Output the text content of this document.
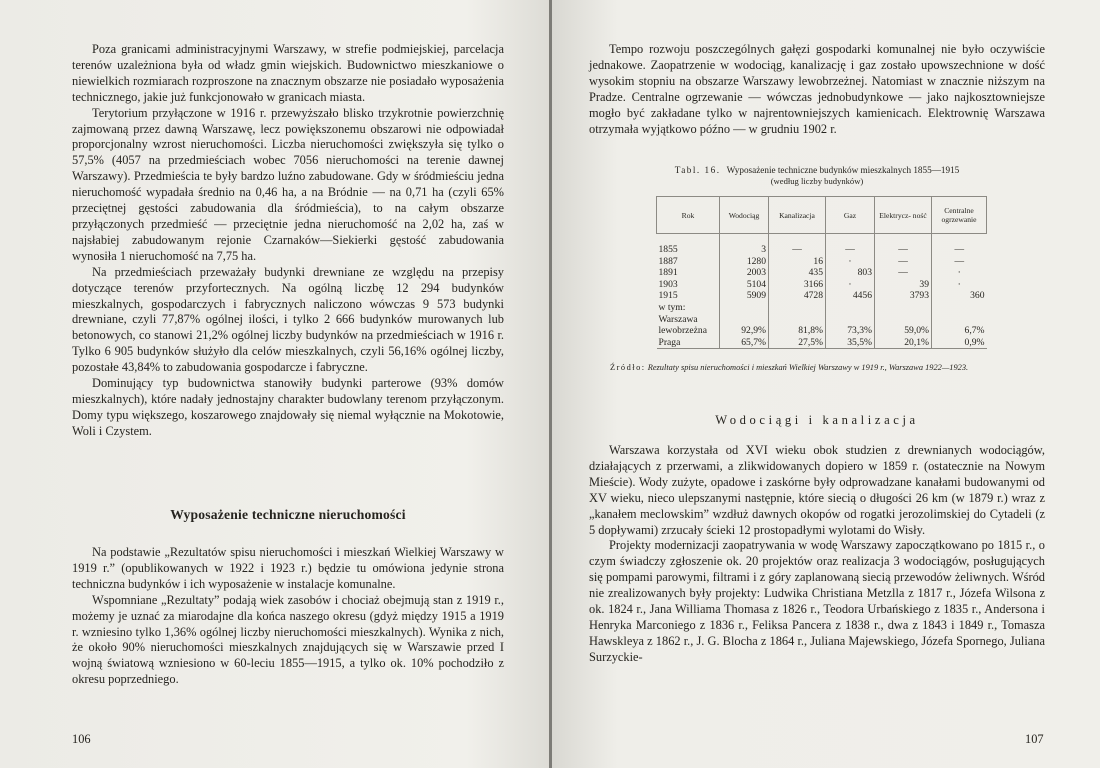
Poza granicami administracyjnymi Warszawy, w strefie podmiejskiej, parcelacja terenów uzależniona była od władz gmin wiejskich. Budownictwo mieszkaniowe o niewielkich rozmiarach rozproszone na znacznym obszarze nie posiadało wyposażenia technicznego, jakie już funkcjonowało w granicach miasta.

Terytorium przyłączone w 1916 r. przewyższało blisko trzykrotnie powierzchnię zajmowaną przez dawną Warszawę, lecz powiększonemu obszarowi nie odpowiadał proporcjonalny wzrost nieruchomości. Liczba nieruchomości zwiększyła się tylko o 57,5% (4057 na przedmieściach wobec 7056 nieruchomości na terenie dawnej Warszawy). Przedmieścia te były bardzo luźno zabudowane. Gdy w śródmieściu jedna nieruchomość wypadała średnio na 0,46 ha, a na Bródnie — na 0,71 ha (czyli 65% przeciętnej gęstości zabudowania dla śródmieścia), to na całym obszarze przyłączonych przedmieść — przeciętnie jedna nieruchomość na 2,02 ha, zaś w najsłabiej zabudowanym rejonie Czarnaków—Siekierki gęstość zabudowania wynosiła 1 nieruchomość na 7,75 ha.

Na przedmieściach przeważały budynki drewniane ze względu na przepisy dotyczące terenów przyfortecznych. Na ogólną liczbę 12 294 budynków mieszkalnych, gospodarczych i fabrycznych naliczono wówczas 9 573 budynki drewniane, czyli 77,87% ogólnej ilości, i tylko 2 666 budynków murowanych lub betonowych, co stanowi 21,2% ogólnej liczby budynków na przedmieściach w 1916 r. Tylko 6 905 budynków służyło dla celów mieszkalnych, czyli 56,16% ogólnej liczby, pozostałe 43,84% to zabudowania gospodarcze i fabryczne.

Dominujący typ budownictwa stanowiły budynki parterowe (93% domów mieszkalnych), które nadały jednostajny charakter budowlany terenom przyłączonym. Domy typu większego, koszarowego znajdowały się niemal wyłącznie na Mokotowie, Woli i Czystem.

Wyposażenie techniczne nieruchomości

Na podstawie „Rezultatów spisu nieruchomości i mieszkań Wielkiej Warszawy w 1919 r.” (opublikowanych w 1922 i 1923 r.) będzie tu omówiona jedynie strona techniczna budynków i ich wyposażenie w instalacje komunalne.

Wspomniane „Rezultaty” podają wiek zasobów i chociaż obejmują stan z 1919 r., możemy je uznać za miarodajne dla końca naszego okresu (gdyż między 1915 a 1919 r. wzniesino tylko 1,36% ogólnej liczby nieruchomości mieszkalnych). Wynika z nich, że około 90% nieruchomości mieszkalnych znajdujących się w Warszawie przed I wojną światową wzniesiono w 60-leciu 1855—1915, a tylko ok. 10% pochodziło z okresu poprzedniego.

106

Tempo rozwoju poszczególnych gałęzi gospodarki komunalnej nie było oczywiście jednakowe. Zaopatrzenie w wodociąg, kanalizację i gaz zostało upowszechnione w dość wysokim stopniu na obszarze Warszawy lewobrzeżnej. Natomiast w znacznie niższym na Pradze. Centralne ogrzewanie — wówczas jednobudynkowe — jako najkosztowniejsze mogło być zakładane tylko w najrentowniejszych kamienicach. Elektrownię Warszawa otrzymała wyjątkowo późno — w grudniu 1902 r.

Tabl. 16. Wyposażenie techniczne budynków mieszkalnych 1855—1915
(według liczby budynków)
Rok	Wodociąg	Kanalizacja	Gaz	Elektrycz- ność	Centralne ogrzewanie
1855	3	—	—	—	—
1887	1280	16	·	—	—
1891	2003	435	803	—	·
1903	5104	3166	·	39	·
1915	5909	4728	4456	3793	360
w tym:					
Warszawa					
lewobrzeżna	92,9%	81,8%	73,3%	59,0%	6,7%
Praga	65,7%	27,5%	35,5%	20,1%	0,9%
Źródło: Rezultaty spisu nieruchomości i mieszkań Wielkiej Warszawy w 1919 r., Warszawa 1922—1923.
Wodociągi i kanalizacja

Warszawa korzystała od XVI wieku obok studzien z drewnianych wodociągów, działających z przerwami, a zlikwidowanych dopiero w 1859 r. (ostatecznie na Nowym Mieście). Wody zużyte, opadowe i zaskórne były odprowadzane kanałami budowanymi od XV wieku, nieco ulepszanymi następnie, które siecią o długości 26 km (w 1879 r.) wraz z „kanałem meclowskim” wzdłuż dawnych okopów od rogatki jerozolimskiej do Cytadeli (z 5 dopływami) zrzucały ścieki 12 prostopadłymi wylotami do Wisły.

Projekty modernizacji zaopatrywania w wodę Warszawy zapoczątkowano po 1815 r., o czym świadczy zgłoszenie ok. 20 projektów oraz realizacja 3 wodociągów, posługujących się pompami parowymi, filtrami i z góry zaplanowaną siecią przewodów żeliwnych. Wśród nie zrealizowanych były projekty: Ludwika Christiana Metzlla z 1817 r., Józefa Wilsona z ok. 1824 r., Jana Williama Thomasa z 1826 r., Teodora Urbańskiego z 1835 r., Andersona i Henryka Marconiego z 1836 r., Feliksa Pancera z 1838 r., dwa z 1843 i 1849 r., Tomasza Hawskleya z 1862 r., J. G. Blocha z 1864 r., Juliana Majewskiego, Józefa Spornego, Juliana Surzyckie-

107
